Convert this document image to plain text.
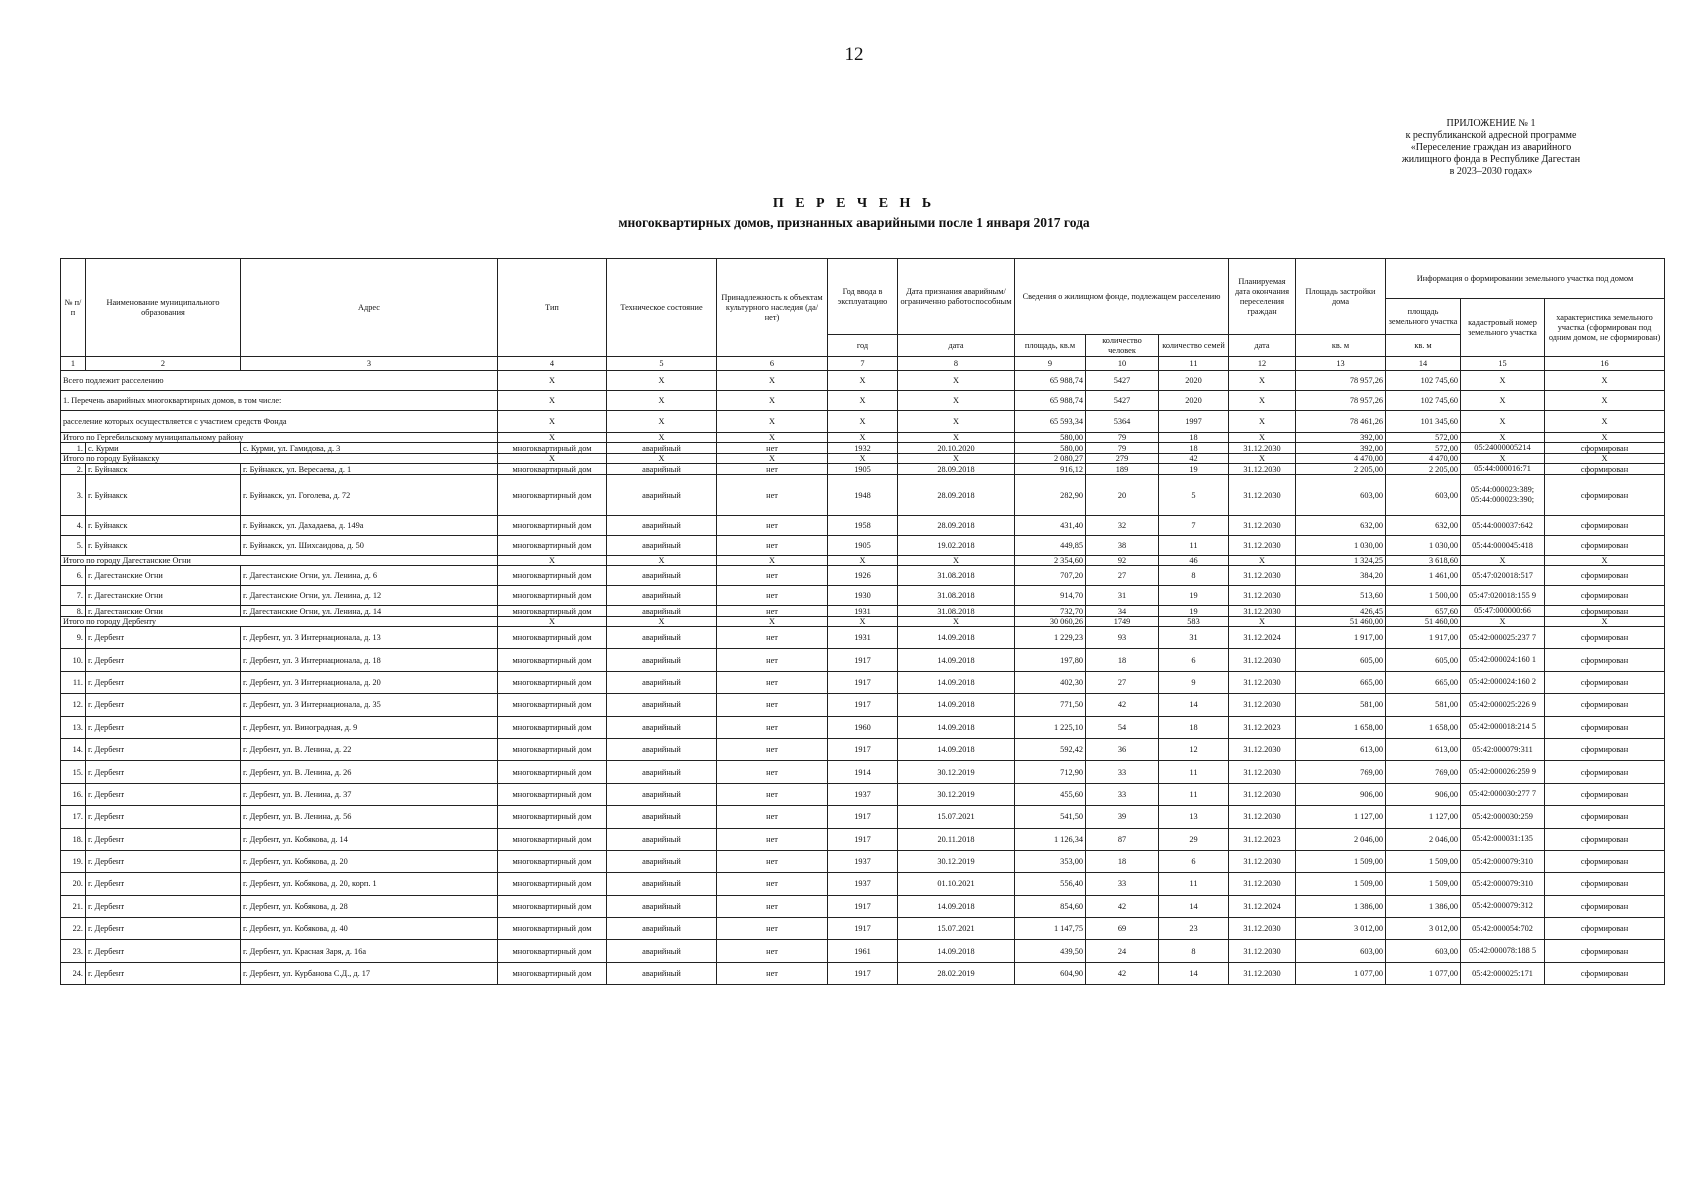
12
ПРИЛОЖЕНИЕ № 1
к республиканской адресной программе
«Переселение граждан из аварийного
жилищного фонда в Республике Дагестан
в 2023–2030 годах»
П Е Р Е Ч Е Н Ь
многоквартирных домов, признанных аварийными после 1 января 2017 года
№ п/п	Наименование муниципального образования	Адрес	Тип	Техническое состояние	Принадлежность к объектам культурного наследия (да/нет)	Год ввода в эксплуатацию	Дата признания аварийным/ограниченно работоспособным	Сведения о жилищном фонде, подлежащем расселению			Планируемая дата окончания переселения граждан	Площадь застройки дома	Информация о формировании земельного участка под домом		
													площадь земельного участка	кадастровый номер земельного участка	характеристика земельного участка (сформирован под одним домом, не сформирован)
						год	дата	площадь, кв.м	количество человек	количество семей	дата	кв. м	кв. м		
1	2	3	4	5	6	7	8	9	10	11	12	13	14	15	16
Всего подлежит расселению			X	X	X	X	X	65 988,74	5427	2020	X	78 957,26	102 745,60	X	X
1. Перечень аварийных многоквартирных домов, в том числе:			X	X	X	X	X	65 988,74	5427	2020	X	78 957,26	102 745,60	X	X
расселение которых осуществляется с участием средств Фонда			X	X	X	X	X	65 593,34	5364	1997	X	78 461,26	101 345,60	X	X
Итого по Гергебильскому муниципальному району			X	X	X	X	X	580,00	79	18	X	392,00	572,00	X	X
1.	с. Курми	с. Курми, ул. Гамидова, д. 3	многоквартирный дом	аварийный	нет	1932	20.10.2020	580,00	79	18	31.12.2030	392,00	572,00	05:24000005214	сформирован
Итого по городу Буйнакску			X	X	X	X	X	2 080,27	279	42	X	4 470,00	4 470,00	X	X
2.	г. Буйнакск	г. Буйнакск, ул. Вересаева, д. 1	многоквартирный дом	аварийный	нет	1905	28.09.2018	916,12	189	19	31.12.2030	2 205,00	2 205,00	05:44:000016:71	сформирован
3.	г. Буйнакск	г. Буйнакск, ул. Гоголева, д. 72	многоквартирный дом	аварийный	нет	1948	28.09.2018	282,90	20	5	31.12.2030	603,00	603,00	05:44:000023:389; 05:44:000023:390;	сформирован
4.	г. Буйнакск	г. Буйнакск, ул. Дахадаева, д. 149а	многоквартирный дом	аварийный	нет	1958	28.09.2018	431,40	32	7	31.12.2030	632,00	632,00	05:44:000037:642	сформирован
5.	г. Буйнакск	г. Буйнакск, ул. Шихсаидова, д. 50	многоквартирный дом	аварийный	нет	1905	19.02.2018	449,85	38	11	31.12.2030	1 030,00	1 030,00	05:44:000045:418	сформирован
Итого по городу Дагестанские Огни			X	X	X	X	X	2 354,60	92	46	X	1 324,25	3 618,60	X	X
6.	г. Дагестанские Огни	г. Дагестанские Огни, ул. Ленина, д. 6	многоквартирный дом	аварийный	нет	1926	31.08.2018	707,20	27	8	31.12.2030	384,20	1 461,00	05:47:020018:517	сформирован
7.	г. Дагестанские Огни	г. Дагестанские Огни, ул. Ленина, д. 12	многоквартирный дом	аварийный	нет	1930	31.08.2018	914,70	31	19	31.12.2030	513,60	1 500,00	05:47:020018:155 9	сформирован
8.	г. Дагестанские Огни	г. Дагестанские Огни, ул. Ленина, д. 14	многоквартирный дом	аварийный	нет	1931	31.08.2018	732,70	34	19	31.12.2030	426,45	657,60	05:47:000000:66	сформирован
Итого по городу Дербенту			X	X	X	X	X	30 060,26	1749	583	X	51 460,00	51 460,00	X	X
9.	г. Дербент	г. Дербент, ул. 3 Интернационала, д. 13	многоквартирный дом	аварийный	нет	1931	14.09.2018	1 229,23	93	31	31.12.2024	1 917,00	1 917,00	05:42:000025:237 7	сформирован
10.	г. Дербент	г. Дербент, ул. 3 Интернационала, д. 18	многоквартирный дом	аварийный	нет	1917	14.09.2018	197,80	18	6	31.12.2030	605,00	605,00	05:42:000024:160 1	сформирован
11.	г. Дербент	г. Дербент, ул. 3 Интернационала, д. 20	многоквартирный дом	аварийный	нет	1917	14.09.2018	402,30	27	9	31.12.2030	665,00	665,00	05:42:000024:160 2	сформирован
12.	г. Дербент	г. Дербент, ул. 3 Интернационала, д. 35	многоквартирный дом	аварийный	нет	1917	14.09.2018	771,50	42	14	31.12.2030	581,00	581,00	05:42:000025:226 9	сформирован
13.	г. Дербент	г. Дербент, ул. Виноградная, д. 9	многоквартирный дом	аварийный	нет	1960	14.09.2018	1 225,10	54	18	31.12.2023	1 658,00	1 658,00	05:42:000018:214 5	сформирован
14.	г. Дербент	г. Дербент, ул. В. Ленина, д. 22	многоквартирный дом	аварийный	нет	1917	14.09.2018	592,42	36	12	31.12.2030	613,00	613,00	05:42:000079:311	сформирован
15.	г. Дербент	г. Дербент, ул. В. Ленина, д. 26	многоквартирный дом	аварийный	нет	1914	30.12.2019	712,90	33	11	31.12.2030	769,00	769,00	05:42:000026:259 9	сформирован
16.	г. Дербент	г. Дербент, ул. В. Ленина, д. 37	многоквартирный дом	аварийный	нет	1937	30.12.2019	455,60	33	11	31.12.2030	906,00	906,00	05:42:000030:277 7	сформирован
17.	г. Дербент	г. Дербент, ул. В. Ленина, д. 56	многоквартирный дом	аварийный	нет	1917	15.07.2021	541,50	39	13	31.12.2030	1 127,00	1 127,00	05:42:000030:259	сформирован
18.	г. Дербент	г. Дербент, ул. Кобякова, д. 14	многоквартирный дом	аварийный	нет	1917	20.11.2018	1 126,34	87	29	31.12.2023	2 046,00	2 046,00	05:42:000031:135	сформирован
19.	г. Дербент	г. Дербент, ул. Кобякова, д. 20	многоквартирный дом	аварийный	нет	1937	30.12.2019	353,00	18	6	31.12.2030	1 509,00	1 509,00	05:42:000079:310	сформирован
20.	г. Дербент	г. Дербент, ул. Кобякова, д. 20, корп. 1	многоквартирный дом	аварийный	нет	1937	01.10.2021	556,40	33	11	31.12.2030	1 509,00	1 509,00	05:42:000079:310	сформирован
21.	г. Дербент	г. Дербент, ул. Кобякова, д. 28	многоквартирный дом	аварийный	нет	1917	14.09.2018	854,60	42	14	31.12.2024	1 386,00	1 386,00	05:42:000079:312	сформирован
22.	г. Дербент	г. Дербент, ул. Кобякова, д. 40	многоквартирный дом	аварийный	нет	1917	15.07.2021	1 147,75	69	23	31.12.2030	3 012,00	3 012,00	05:42:000054:702	сформирован
23.	г. Дербент	г. Дербент, ул. Красная Заря, д. 16а	многоквартирный дом	аварийный	нет	1961	14.09.2018	439,50	24	8	31.12.2030	603,00	603,00	05:42:000078:188 5	сформирован
24.	г. Дербент	г. Дербент, ул. Курбанова С.Д., д. 17	многоквартирный дом	аварийный	нет	1917	28.02.2019	604,90	42	14	31.12.2030	1 077,00	1 077,00	05:42:000025:171	сформирован
